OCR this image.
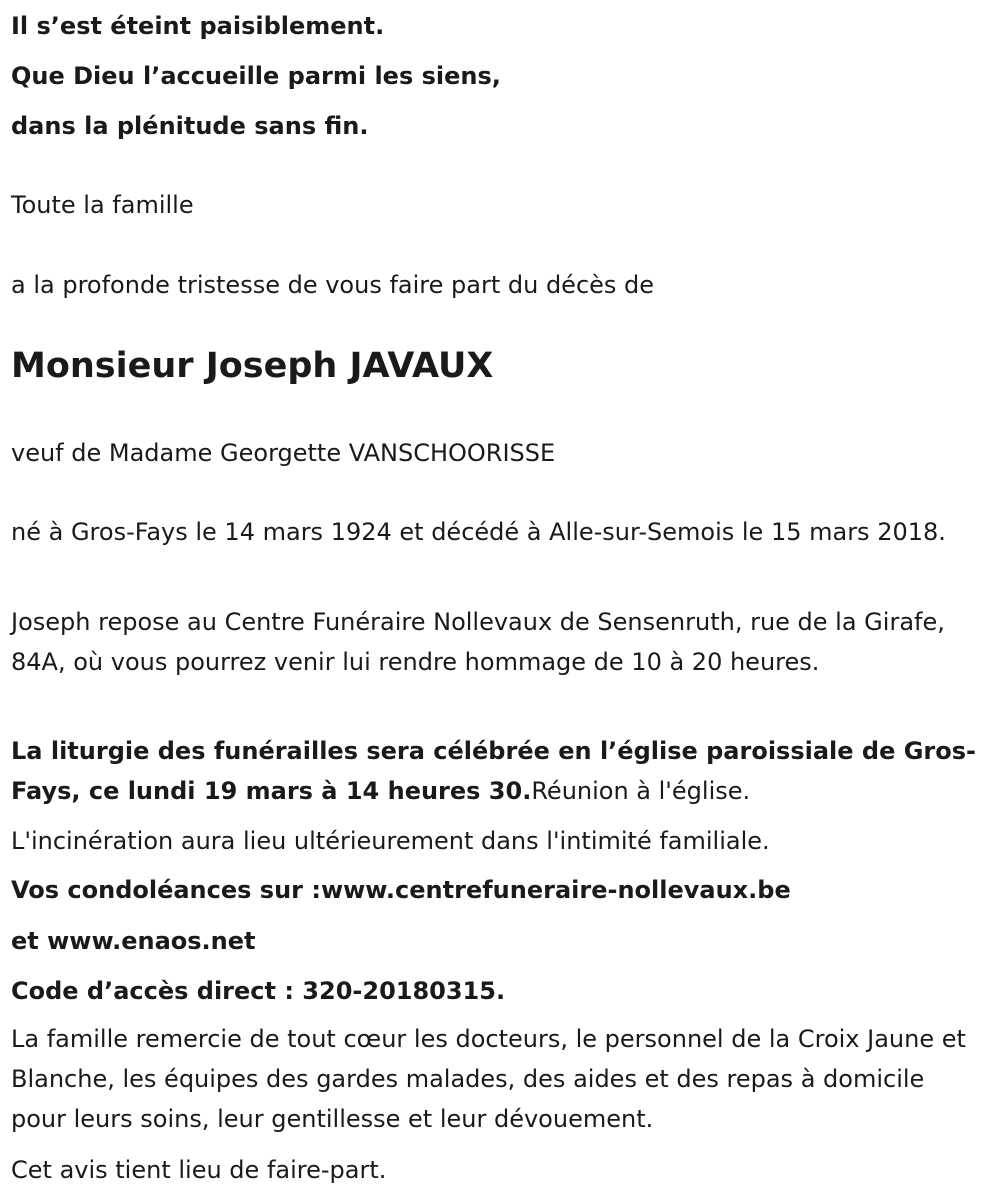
Il s’est éteint paisiblement.

Que Dieu l’accueille parmi les siens,

dans la plénitude sans fin.

Toute la famille

a la profonde tristesse de vous faire part du décès de

Monsieur Joseph JAVAUX

veuf de Madame Georgette VANSCHOORISSE

né à Gros-Fays le 14 mars 1924 et décédé à Alle-sur-Semois le 15 mars 2018.

Joseph repose au Centre Funéraire Nollevaux de Sensenruth, rue de la Girafe, 84A, où vous pourrez venir lui rendre hommage de 10 à 20 heures.

La liturgie des funérailles sera célébrée en l’église paroissiale de Gros-Fays, ce lundi 19 mars à 14 heures 30.Réunion à l'église.

L'incinération aura lieu ultérieurement dans l'intimité familiale.

Vos condoléances sur :www.centrefuneraire-nollevaux.be

et www.enaos.net

Code d’accès direct : 320-20180315.

La famille remercie de tout cœur les docteurs, le personnel de la Croix Jaune et Blanche, les équipes des gardes malades, des aides et des repas à domicile pour leurs soins, leur gentillesse et leur dévouement.

Cet avis tient lieu de faire-part.
